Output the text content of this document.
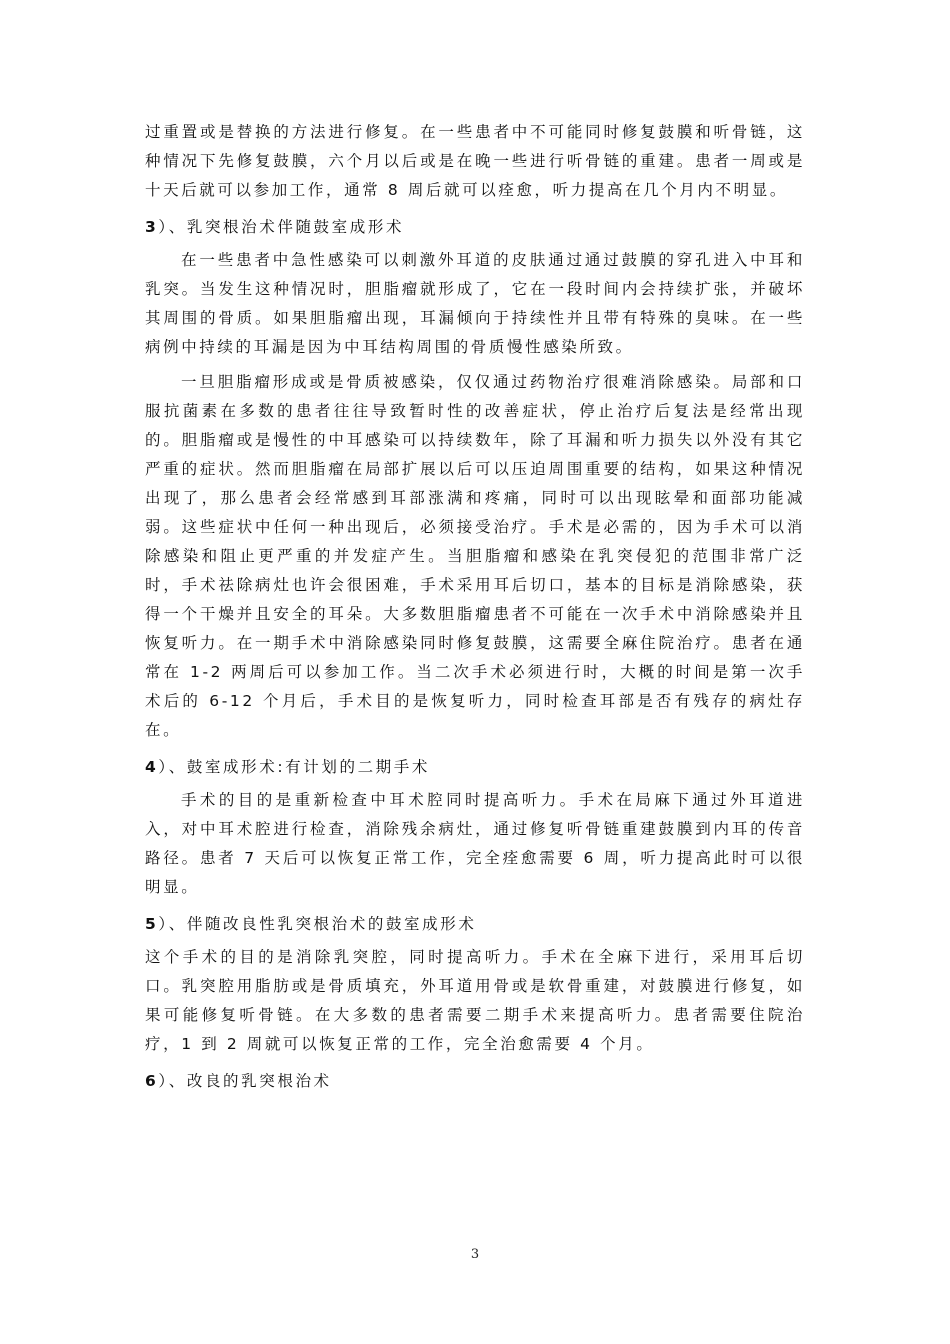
过重置或是替换的方法进行修复。在一些患者中不可能同时修复鼓膜和听骨链，这种情况下先修复鼓膜，六个月以后或是在晚一些进行听骨链的重建。患者一周或是十天后就可以参加工作，通常 8 周后就可以痊愈，听力提高在几个月内不明显。

3）、乳突根治术伴随鼓室成形术

在一些患者中急性感染可以刺激外耳道的皮肤通过通过鼓膜的穿孔进入中耳和乳突。当发生这种情况时，胆脂瘤就形成了，它在一段时间内会持续扩张，并破坏其周围的骨质。如果胆脂瘤出现，耳漏倾向于持续性并且带有特殊的臭味。在一些病例中持续的耳漏是因为中耳结构周围的骨质慢性感染所致。

一旦胆脂瘤形成或是骨质被感染，仅仅通过药物治疗很难消除感染。局部和口服抗菌素在多数的患者往往导致暂时性的改善症状，停止治疗后复法是经常出现的。胆脂瘤或是慢性的中耳感染可以持续数年，除了耳漏和听力损失以外没有其它严重的症状。然而胆脂瘤在局部扩展以后可以压迫周围重要的结构，如果这种情况出现了，那么患者会经常感到耳部涨满和疼痛，同时可以出现眩晕和面部功能减弱。这些症状中任何一种出现后，必须接受治疗。手术是必需的，因为手术可以消除感染和阻止更严重的并发症产生。当胆脂瘤和感染在乳突侵犯的范围非常广泛时，手术祛除病灶也许会很困难，手术采用耳后切口，基本的目标是消除感染，获得一个干燥并且安全的耳朵。大多数胆脂瘤患者不可能在一次手术中消除感染并且恢复听力。在一期手术中消除感染同时修复鼓膜，这需要全麻住院治疗。患者在通常在 1-2 两周后可以参加工作。当二次手术必须进行时，大概的时间是第一次手术后的 6-12 个月后，手术目的是恢复听力，同时检查耳部是否有残存的病灶存在。

4）、鼓室成形术:有计划的二期手术

手术的目的是重新检查中耳术腔同时提高听力。手术在局麻下通过外耳道进入，对中耳术腔进行检查，消除残余病灶，通过修复听骨链重建鼓膜到内耳的传音路径。患者 7 天后可以恢复正常工作，完全痊愈需要 6 周，听力提高此时可以很明显。

5）、伴随改良性乳突根治术的鼓室成形术

这个手术的目的是消除乳突腔，同时提高听力。手术在全麻下进行，采用耳后切口。乳突腔用脂肪或是骨质填充，外耳道用骨或是软骨重建，对鼓膜进行修复，如果可能修复听骨链。在大多数的患者需要二期手术来提高听力。患者需要住院治疗，1 到 2 周就可以恢复正常的工作，完全治愈需要 4 个月。

6）、改良的乳突根治术
3
